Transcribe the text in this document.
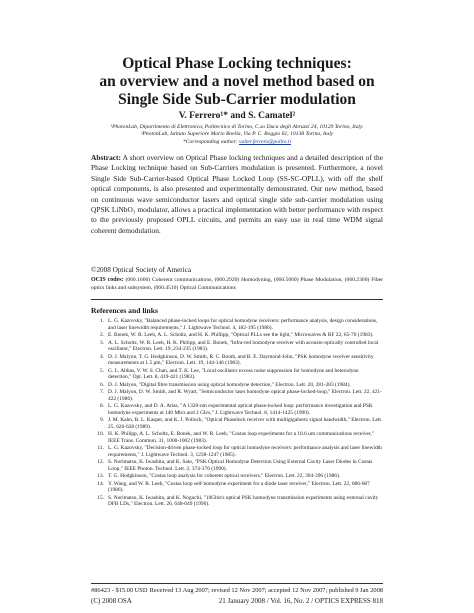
Optical Phase Locking techniques:
an overview and a novel method based on
Single Side Sub-Carrier modulation
V. Ferrero¹* and S. Camatel²
¹PhotonLab, Dipartimento di Elettronica, Politecnico di Torino, C.so Duca degli Abruzzi 24, 10129 Torino, Italy.
²PhotonLab, Istituto Superiore Mario Boella, Via P. C. Boggio 61, 10138 Torino, Italy
*Corresponding author: valter.ferrero@polito.it
Abstract: A short overview on Optical Phase locking techniques and a detailed description of the Phase Locking technique based on Sub-Carriers modulation is presented. Furthermore, a novel Single Side Sub-Carrier-based Optical Phase Locked Loop (SS-SC-OPLL), with off the shelf optical components, is also presented and experimentally demonstrated. Our new method, based on continuous wave semiconductor lasers and optical single side sub-carrier modulation using QPSK LiNbO₃ modulator, allows a practical implementation with better performance with respect to the previously proposed OPLL circuits, and permits an easy use in real time WDM signal coherent demodulation.
©2008 Optical Society of America
OCIS codes: (060.1660) Coherent communications, (060.2920) Homodyning, (060.5060) Phase Modulation, (060.2360) Fiber optics links and subsystem, (060.4510) Optical Communications
References and links
1. L. G. Kazovsky, "Balanced phase-locked loops for optical homodyne receivers: performance analysis, design considerations, and laser linewidth requirements," J. Lightwave Technol. 4, 182-195 (1986).
2. E. Bonek, W. R. Leeb, A. L. Scholtz, and H. K. Phillipp, "Optical PLLs see the light," Microwaves & RF 22, 65-70 (1983).
3. A. L. Scholtz, W. R. Leeb, H. K. Philipp, and E. Bonek, "Infra-red homodyne receiver with acousto-optically controlled local oscillator," Electron. Lett. 19, 234-235 (1983).
4. D. J. Malyon, T. G. Hodgkinson, D. W. Smith, R. C. Booth, and B. E. Daymond-John, "PSK homodyne receiver sensitivity measurements at 1.5 μm," Electron. Lett. 19, 144-146 (1983).
5. G. L. Abbas, V. W. S. Chan, and T. K. Lee, "Local oscillator excess noise suppression for homodyne and heterodyne detection," Opt. Lett. 8, 419-421 (1983).
6. D. J. Malyon, "Digital fibre transmission using optical homodyne detection," Electron. Lett. 20, 281-283 (1984).
7. D. J. Malyon, D. W. Smith, and R. Wyatt, "Semiconductor laser homodyne optical phase-locked-loop," Electron. Lett. 22, 421-422 (1986).
8. L. G. Kazovsky, and D. A. Atlas, "A 1320-nm experimental optical phase-locked loop: performance investigation and PSK homodyne experiments at 140 Mb/s and 2 Gb/s," J. Lightwave Technol. 8, 1414-1425 (1990).
9. J. M. Kahn, B. L. Kasper, and K. J. Pollock, "Optical Phaselock receiver with multigigahertz signal bandwidth," Electron. Lett. 25, 626-628 (1989).
10. H. K. Philipp, A. L. Scholtz, E. Bonek, and W. R. Leeb, "Costas loop experiments for a 10.6 um communications receiver," IEEE Trans. Commun. 31, 1000-1002 (1983).
11. L. G. Kazovsky, "Decision-driven phase-locked loop for optical homodyne receivers: performance analysis and laser linewidth requirements," J. Lightwave Technol. 3, 1238-1247 (1985).
12. S. Norimatsu, K. Iwashita, and K. Sato, "PSK Optical Homodyne Detection Using External Cavity Laser Diodes in Costas Loop," IEEE Photon. Technol. Lett. 2, 374-376 (1990).
13. T. G. Hodgkinson, "Costas loop analysis for coherent optical receivers," Electron. Lett. 22, 394-396 (1986).
14. Y. Wang, and W. R. Leeb, "Costas loop self-homodyne experiment for a diode laser receiver," Electron. Lett. 22, 686-687 (1986).
15. S. Norimatsu, K. Iwashita, and K. Noguchi, "10Gbit/s optical PSK homodyne transmission experiments using external cavity DFB LDs," Electron. Lett. 26, 648-649 (1990).
#86423 - $15.00 USD Received 13 Aug 2007; revised 12 Nov 2007; accepted 12 Nov 2007; published 9 Jan 2008
(C) 2008 OSA	21 January 2008 / Vol. 16, No. 2 / OPTICS EXPRESS 818
